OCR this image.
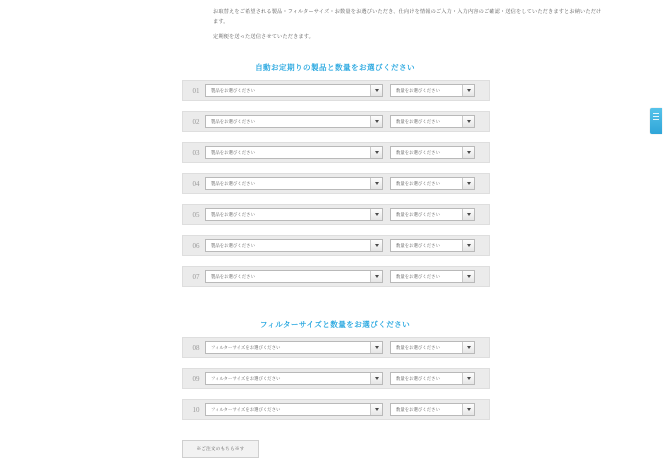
お取替えをご希望される製品・フィルターサイズ・お数量をお選びいただき、仕向けを情報のご入力・入力内容のご確認・送信をしていただきますとお納いただけます。

定期便を送った送信させていただきます。

自動お定期りの製品と数量をお選びください
01	製品をお選びください	数量をお選びください
02	製品をお選びください	数量をお選びください
03	製品をお選びください	数量をお選びください
04	製品をお選びください	数量をお選びください
05	製品をお選びください	数量をお選びください
06	製品をお選びください	数量をお選びください
07	製品をお選びください	数量をお選びください
フィルターサイズと数量をお選びください
08	フィルターサイズをお選びください	数量をお選びください
09	フィルターサイズをお選びください	数量をお選びください
10	フィルターサイズをお選びください	数量をお選びください
※ご注文のもちら※す
